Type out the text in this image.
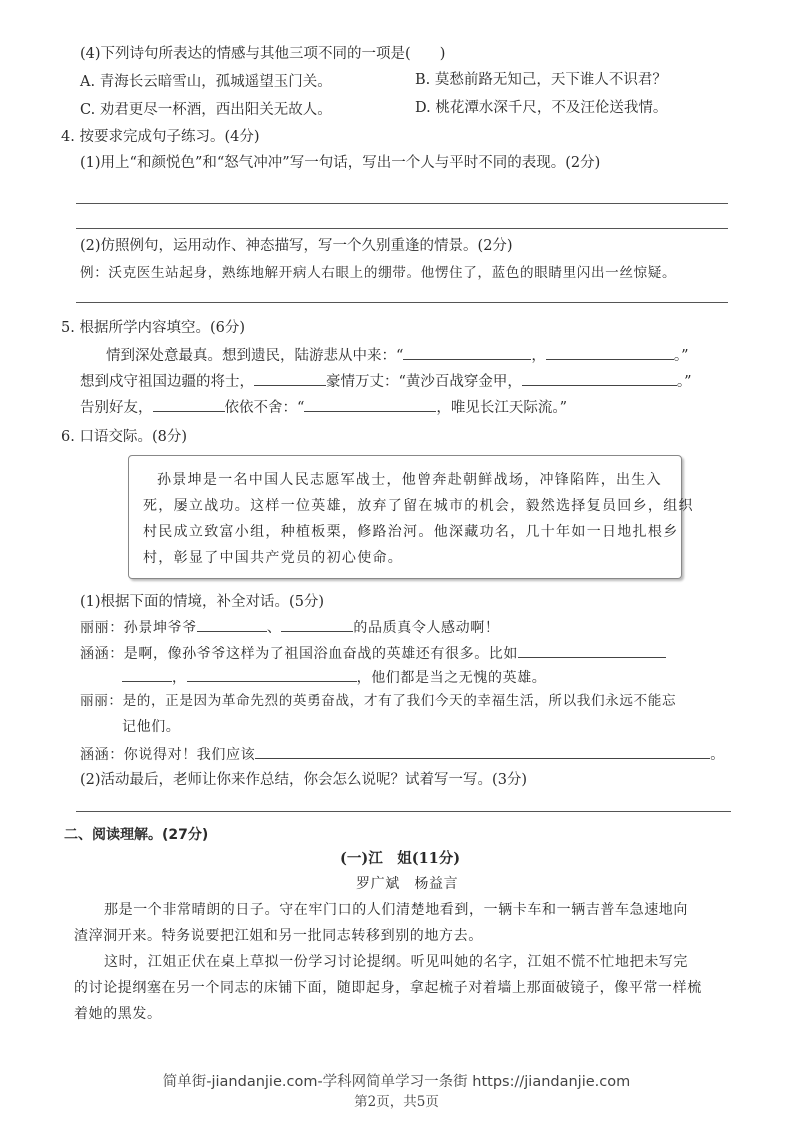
(4)下列诗句所表达的情感与其他三项不同的一项是(　　)
A. 青海长云暗雪山，孤城遥望玉门关。	B. 莫愁前路无知己，天下谁人不识君？
C. 劝君更尽一杯酒，西出阳关无故人。	D. 桃花潭水深千尺，不及汪伦送我情。
4. 按要求完成句子练习。(4分)
(1)用上“和颜悦色”和“怒气冲冲”写一句话，写出一个人与平时不同的表现。(2分)
(2)仿照例句，运用动作、神态描写，写一个久别重逢的情景。(2分)
例：沃克医生站起身，熟练地解开病人右眼上的绷带。他愣住了，蓝色的眼睛里闪出一丝惊疑。
5. 根据所学内容填空。(6分)
情到深处意最真。想到遗民，陆游悲从中来：“	，	。”
想到戍守祖国边疆的将士，	豪情万丈：“黄沙百战穿金甲，	。”
告别好友，	依依不舍：“	，唯见长江天际流。”
6. 口语交际。(8分)
孙景坤是一名中国人民志愿军战士，他曾奔赴朝鲜战场，冲锋陷阵，出生入
死，屡立战功。这样一位英雄，放弃了留在城市的机会，毅然选择复员回乡，组织
村民成立致富小组，种植板栗，修路治河。他深藏功名，几十年如一日地扎根乡
村，彰显了中国共产党员的初心使命。
(1)根据下面的情境，补全对话。(5分)
丽丽：孙景坤爷爷	、	的品质真令人感动啊！
涵涵：是啊，像孙爷爷这样为了祖国浴血奋战的英雄还有很多。比如
，	，他们都是当之无愧的英雄。
丽丽：是的，正是因为革命先烈的英勇奋战，才有了我们今天的幸福生活，所以我们永远不能忘
记他们。
涵涵：你说得对！我们应该	。
(2)活动最后，老师让你来作总结，你会怎么说呢？试着写一写。(3分)
二、阅读理解。(27分)
(一)江　姐(11分)
罗广斌　杨益言
那是一个非常晴朗的日子。守在牢门口的人们清楚地看到，一辆卡车和一辆吉普车急速地向
渣滓洞开来。特务说要把江姐和另一批同志转移到别的地方去。
这时，江姐正伏在桌上草拟一份学习讨论提纲。听见叫她的名字，江姐不慌不忙地把未写完
的讨论提纲塞在另一个同志的床铺下面，随即起身，拿起梳子对着墙上那面破镜子，像平常一样梳
着她的黑发。
简单街-jiandanjie.com-学科网简单学习一条街 https://jiandanjie.com
第2页，共5页
